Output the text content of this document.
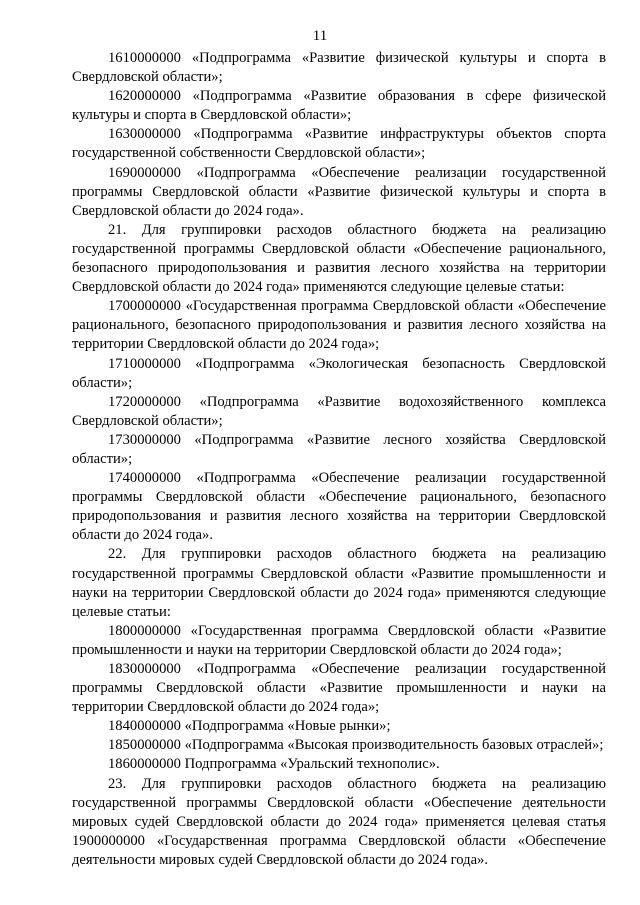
11

1610000000 «Подпрограмма «Развитие физической культуры и спорта в Свердловской области»;

1620000000 «Подпрограмма «Развитие образования в сфере физической культуры и спорта в Свердловской области»;

1630000000 «Подпрограмма «Развитие инфраструктуры объектов спорта государственной собственности Свердловской области»;

1690000000 «Подпрограмма «Обеспечение реализации государственной программы Свердловской области «Развитие физической культуры и спорта в Свердловской области до 2024 года».

21. Для группировки расходов областного бюджета на реализацию государственной программы Свердловской области «Обеспечение рационального, безопасного природопользования и развития лесного хозяйства на территории Свердловской области до 2024 года» применяются следующие целевые статьи:

1700000000 «Государственная программа Свердловской области «Обеспечение рационального, безопасного природопользования и развития лесного хозяйства на территории Свердловской области до 2024 года»;

1710000000 «Подпрограмма «Экологическая безопасность Свердловской области»;

1720000000 «Подпрограмма «Развитие водохозяйственного комплекса Свердловской области»;

1730000000 «Подпрограмма «Развитие лесного хозяйства Свердловской области»;

1740000000 «Подпрограмма «Обеспечение реализации государственной программы Свердловской области «Обеспечение рационального, безопасного природопользования и развития лесного хозяйства на территории Свердловской области до 2024 года».

22. Для группировки расходов областного бюджета на реализацию государственной программы Свердловской области «Развитие промышленности и науки на территории Свердловской области до 2024 года» применяются следующие целевые статьи:

1800000000 «Государственная программа Свердловской области «Развитие промышленности и науки на территории Свердловской области до 2024 года»;

1830000000 «Подпрограмма «Обеспечение реализации государственной программы Свердловской области «Развитие промышленности и науки на территории Свердловской области до 2024 года»;

1840000000 «Подпрограмма «Новые рынки»;

1850000000 «Подпрограмма «Высокая производительность базовых отраслей»;

1860000000 Подпрограмма «Уральский технополис».

23. Для группировки расходов областного бюджета на реализацию государственной программы Свердловской области «Обеспечение деятельности мировых судей Свердловской области до 2024 года» применяется целевая статья 1900000000 «Государственная программа Свердловской области «Обеспечение деятельности мировых судей Свердловской области до 2024 года».
